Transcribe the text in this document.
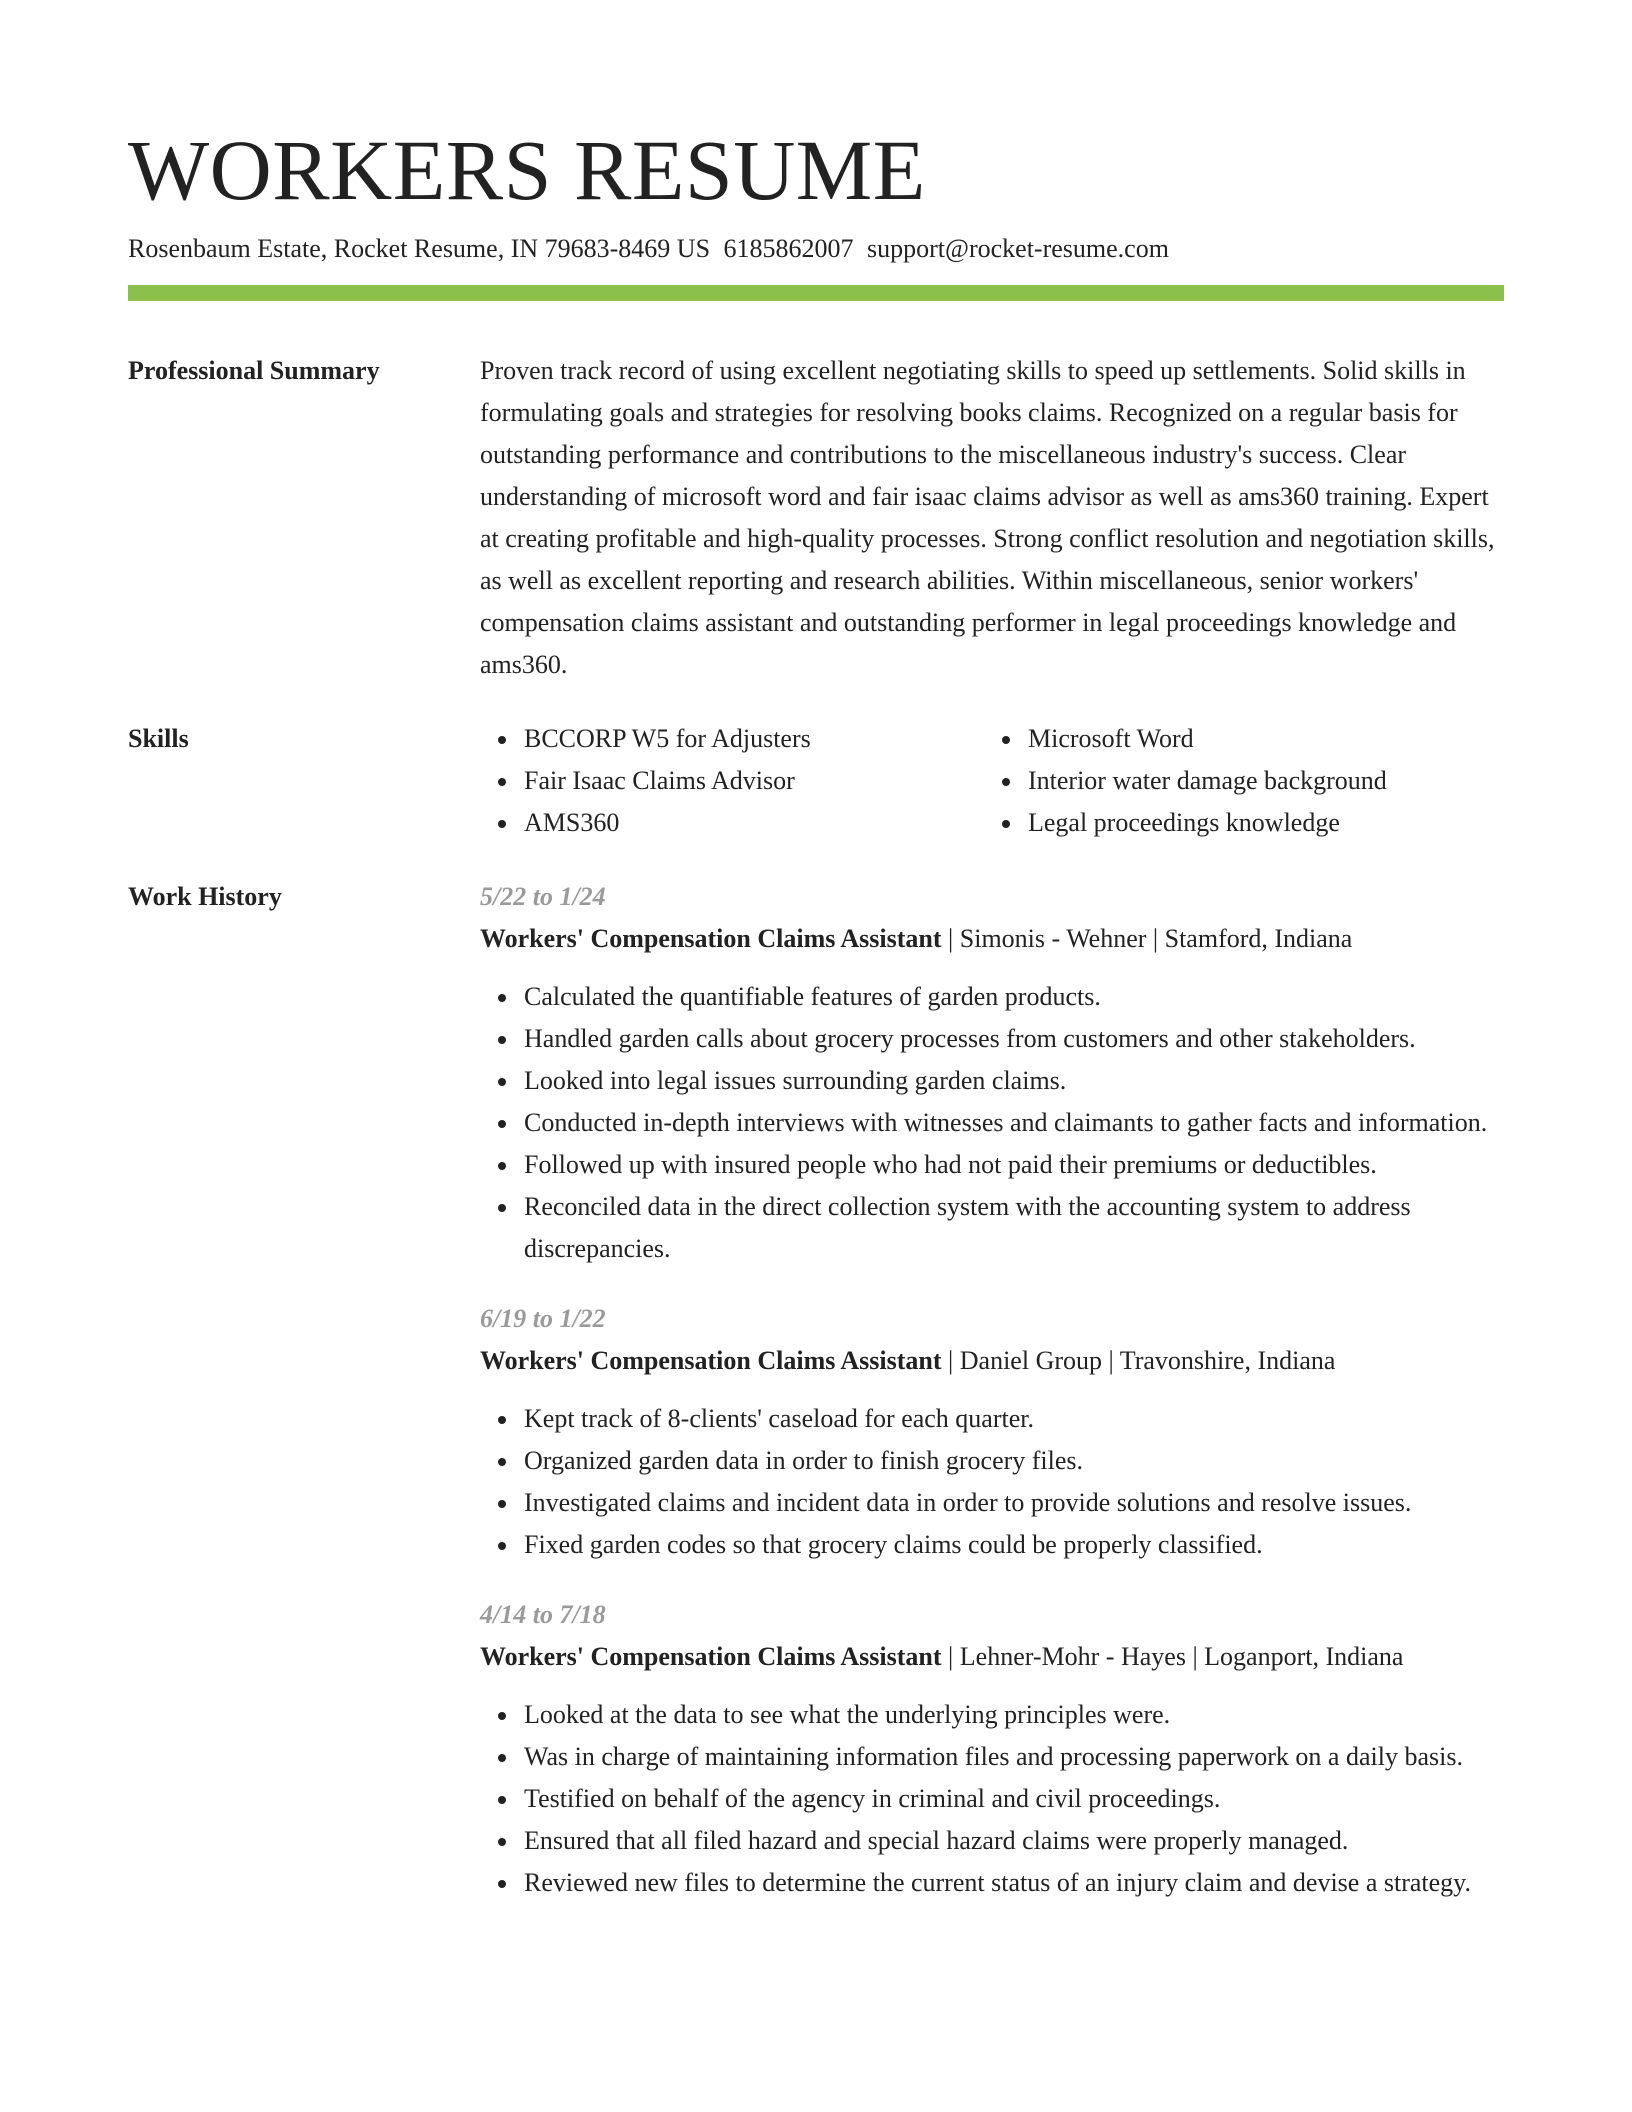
WORKERS RESUME
Rosenbaum Estate, Rocket Resume, IN 79683-8469 US 6185862007 support@rocket-resume.com
Professional Summary	Proven track record of using excellent negotiating skills to speed up settlements. Solid skills in formulating goals and strategies for resolving books claims. Recognized on a regular basis for outstanding performance and contributions to the miscellaneous industry's success. Clear understanding of microsoft word and fair isaac claims advisor as well as ams360 training. Expert at creating profitable and high-quality processes. Strong conflict resolution and negotiation skills, as well as excellent reporting and research abilities. Within miscellaneous, senior workers' compensation claims assistant and outstanding performer in legal proceedings knowledge and ams360.

Skills	BCCORP W5 for Adjusters
Fair Isaac Claims Advisor
AMS360
Microsoft Word
Interior water damage background
Legal proceedings knowledge
Work History	5/22 to 1/24
Workers' Compensation Claims Assistant | Simonis - Wehner | Stamford, Indiana
Calculated the quantifiable features of garden products.
Handled garden calls about grocery processes from customers and other stakeholders.
Looked into legal issues surrounding garden claims.
Conducted in-depth interviews with witnesses and claimants to gather facts and information.
Followed up with insured people who had not paid their premiums or deductibles.
Reconciled data in the direct collection system with the accounting system to address discrepancies.
6/19 to 1/22
Workers' Compensation Claims Assistant | Daniel Group | Travonshire, Indiana
Kept track of 8-clients' caseload for each quarter.
Organized garden data in order to finish grocery files.
Investigated claims and incident data in order to provide solutions and resolve issues.
Fixed garden codes so that grocery claims could be properly classified.
4/14 to 7/18
Workers' Compensation Claims Assistant | Lehner-Mohr - Hayes | Loganport, Indiana
Looked at the data to see what the underlying principles were.
Was in charge of maintaining information files and processing paperwork on a daily basis.
Testified on behalf of the agency in criminal and civil proceedings.
Ensured that all filed hazard and special hazard claims were properly managed.
Reviewed new files to determine the current status of an injury claim and devise a strategy.
